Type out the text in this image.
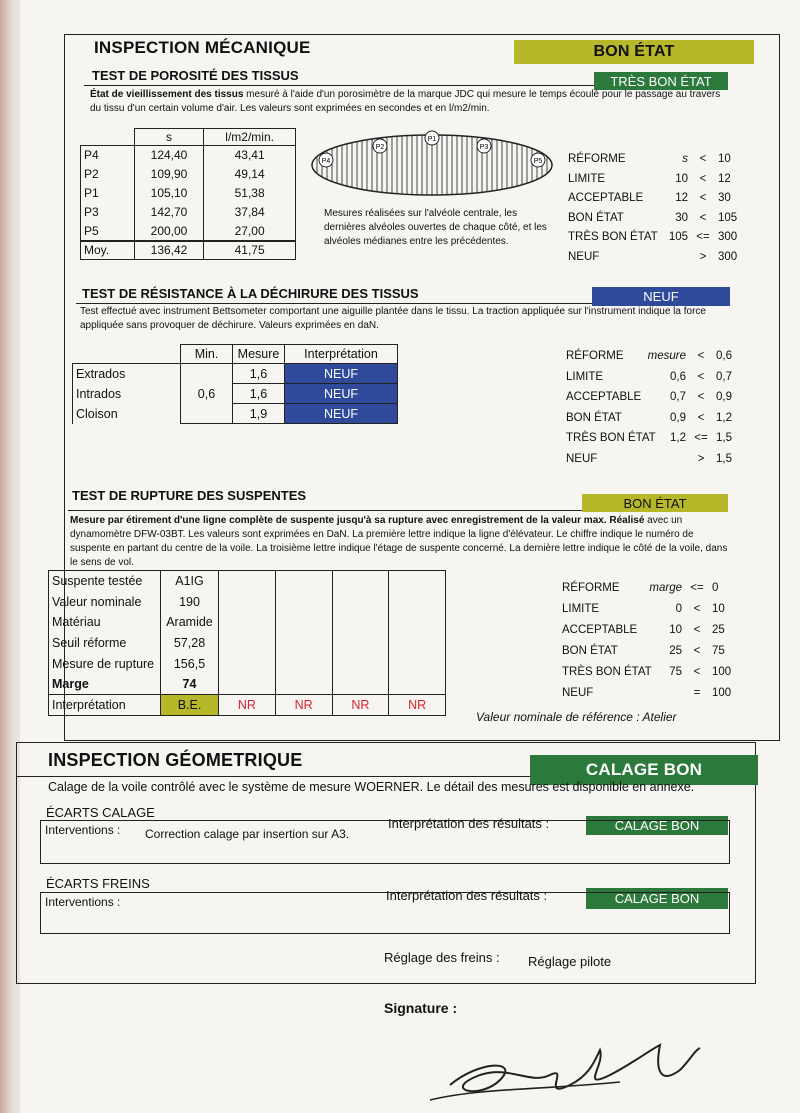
INSPECTION MÉCANIQUE	BON ÉTAT
TEST DE POROSITÉ DES TISSUS	TRÈS BON ÉTAT
État de vieillissement des tissus mesuré à l'aide d'un porosimètre de la marque JDC qui mesure le temps écoulé pour le passage au travers du tissu d'un certain volume d'air. Les valeurs sont exprimées en secondes et en l/m2/min.
	s	l/m2/min.
P4	124,40	43,41
P2	109,90	49,14
P1	105,10	51,38
P3	142,70	37,84
P5	200,00	27,00
Moy.	136,42	41,75
P4
P2
P1
P3
P5
Mesures réalisées sur l'alvéole centrale, les dernières alvéoles ouvertes de chaque côté, et les alvéoles médianes entre les précédentes.
RÉFORME	s	<	10
LIMITE	10	<	12
ACCEPTABLE	12	<	30
BON ÉTAT	30	<	105
TRÈS BON ÉTAT 105 <= 300
NEUF	>	300
TEST DE RÉSISTANCE À LA DÉCHIRURE DES TISSUS	NEUF
Test effectué avec instrument Bettsometer comportant une aiguille plantée dans le tissu. La traction appliquée sur l'instrument indique la force appliquée sans provoquer de déchirure. Valeurs exprimées en daN.
	Min.	Mesure	Interprétation
Extrados	0,6	1,6	NEUF
Intrados		1,6	NEUF
Cloison		1,9	NEUF
RÉFORME mesure	<	0,6
LIMITE	0,6	<	0,7
ACCEPTABLE	0,7	<	0,9
BON ÉTAT	0,9	<	1,2
TRÈS BON ÉTAT	1,2 <= 1,5
NEUF	>	1,5
TEST DE RUPTURE DES SUSPENTES	BON ÉTAT
Mesure par étirement d'une ligne complète de suspente jusqu'à sa rupture avec enregistrement de la valeur max. Réalisé avec un dynamomètre DFW-03BT. Les valeurs sont exprimées en DaN. La première lettre indique la ligne d'élévateur. Le chiffre indique le numéro de suspente en partant du centre de la voile. La troisième lettre indique l'étage de suspente concerné. La dernière lettre indique le côté de la voile, dans le sens de vol.
Suspente testée	A1IG				
Valeur nominale	190				
Matériau	Aramide				
Seuil réforme	57,28				
Mesure de rupture	156,5				
Marge	74				
Interprétation	B.E.	NR	NR	NR	NR
RÉFORME	marge <= 0
LIMITE	0	<	10
ACCEPTABLE	10	<	25
BON ÉTAT	25	<	75
TRÈS BON ÉTAT	75	<	100
NEUF	=	100
Valeur nominale de référence : Atelier
INSPECTION GÉOMETRIQUE	CALAGE BON
Calage de la voile contrôlé avec le système de mesure WOERNER. Le détail des mesures est disponible en annexe.
ÉCARTS CALAGE
Interprétation des résultats :	CALAGE BON
Interventions : Correction calage par insertion sur A3.
ÉCARTS FREINS
Interprétation des résultats :	CALAGE BON
Interventions :
Réglage des freins : Réglage pilote
Signature :
